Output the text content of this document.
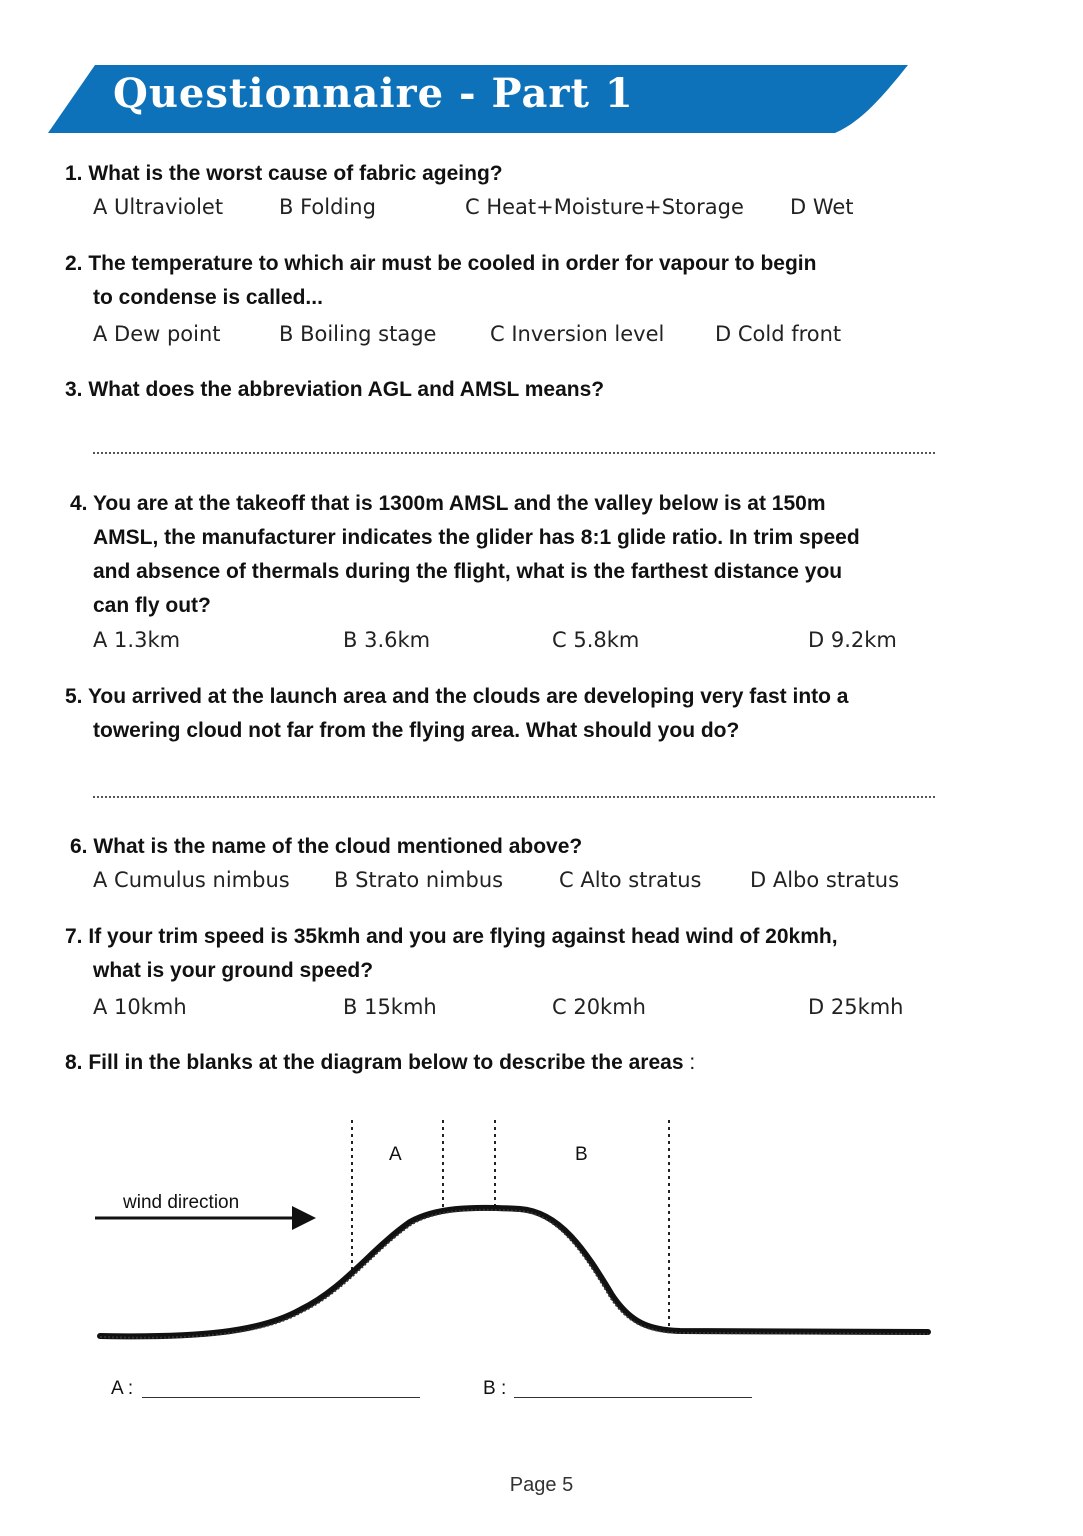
Questionnaire - Part 1
1. What is the worst cause of fabric ageing?
A Ultraviolet	B Folding	C Heat+Moisture+Storage D Wet
2. The temperature to which air must be cooled in order for vapour to begin
to condense is called...
A Dew point	B Boiling stage	C Inversion level D Cold front
3. What does the abbreviation AGL and AMSL means?
4. You are at the takeoff that is 1300m AMSL and the valley below is at 150m
AMSL, the manufacturer indicates the glider has 8:1 glide ratio. In trim speed
and absence of thermals during the flight, what is the farthest distance you
can fly out?
A 1.3km	B 3.6km	C 5.8km	D 9.2km
5. You arrived at the launch area and the clouds are developing very fast into a
towering cloud not far from the flying area. What should you do?
6. What is the name of the cloud mentioned above?
A Cumulus nimbus B Strato nimbus	C Alto stratus D Albo stratus
7. If your trim speed is 35kmh and you are flying against head wind of 20kmh,
what is your ground speed?
A 10kmh	B 15kmh	C 20kmh	D 25kmh
8. Fill in the blanks at the diagram below to describe the areas :
A	B
wind direction
A :	B :
Page 5
